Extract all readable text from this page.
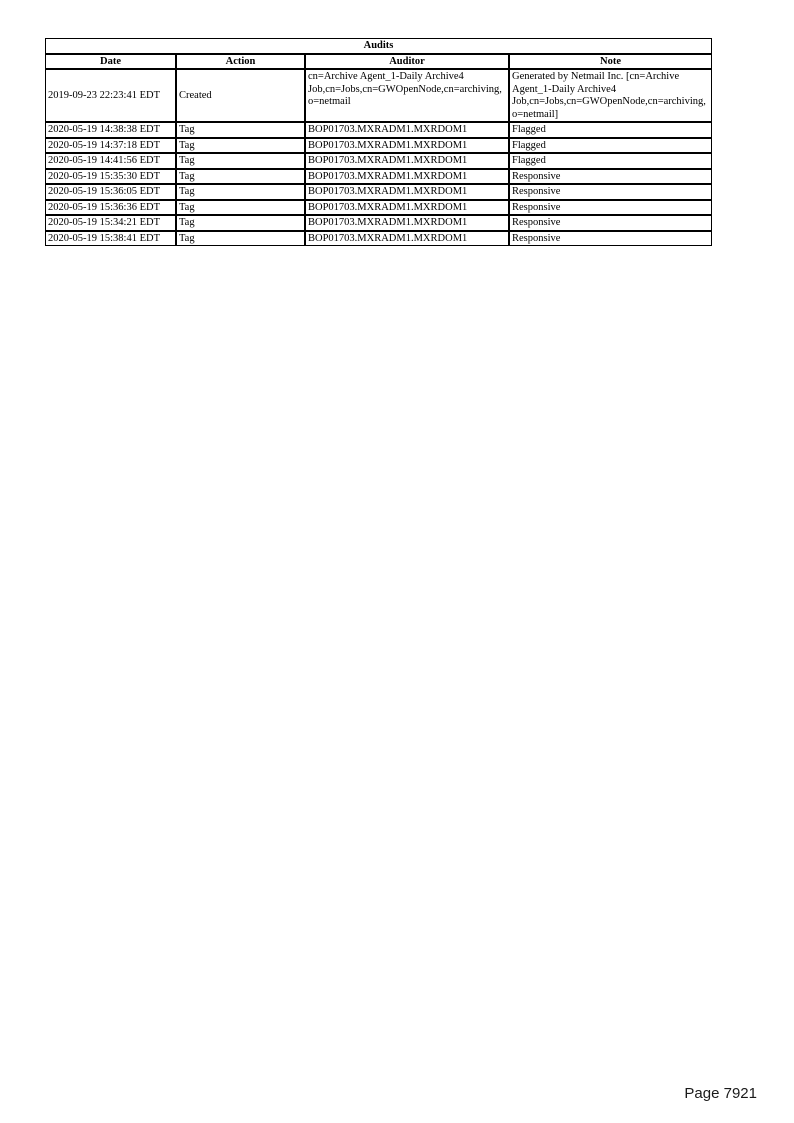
Audits			
Date	Action	Auditor	Note
2019-09-23 22:23:41 EDT	Created	cn=Archive Agent_1-Daily Archive4 Job,cn=Jobs,cn=GWOpenNode,cn=archiving,o=netmail	Generated by Netmail Inc. [cn=Archive Agent_1-Daily Archive4 Job,cn=Jobs,cn=GWOpenNode,cn=archiving,o=netmail]
2020-05-19 14:38:38 EDT	Tag	BOP01703.MXRADM1.MXRDOM1	Flagged
2020-05-19 14:37:18 EDT	Tag	BOP01703.MXRADM1.MXRDOM1	Flagged
2020-05-19 14:41:56 EDT	Tag	BOP01703.MXRADM1.MXRDOM1	Flagged
2020-05-19 15:35:30 EDT	Tag	BOP01703.MXRADM1.MXRDOM1	Responsive
2020-05-19 15:36:05 EDT	Tag	BOP01703.MXRADM1.MXRDOM1	Responsive
2020-05-19 15:36:36 EDT	Tag	BOP01703.MXRADM1.MXRDOM1	Responsive
2020-05-19 15:34:21 EDT	Tag	BOP01703.MXRADM1.MXRDOM1	Responsive
2020-05-19 15:38:41 EDT	Tag	BOP01703.MXRADM1.MXRDOM1	Responsive
Page 7921
